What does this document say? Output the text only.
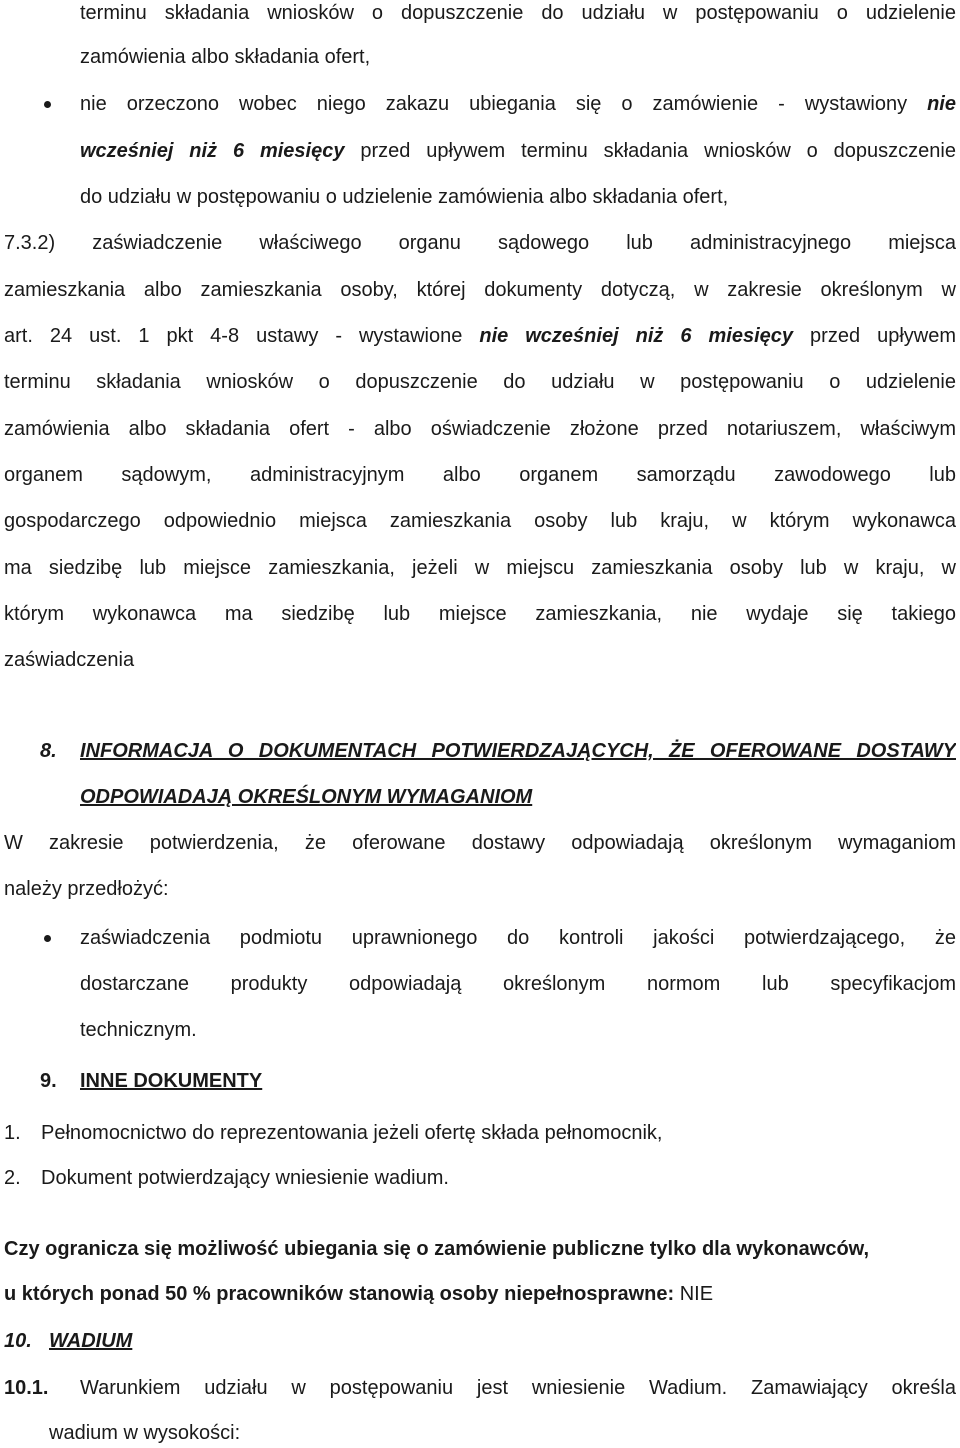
terminu składania wniosków o dopuszczenie do udziału w postępowaniu o udzielenie
zamówienia albo składania ofert,
nie orzeczono wobec niego zakazu ubiegania się o zamówienie - wystawiony nie
wcześniej niż 6 miesięcy przed upływem terminu składania wniosków o dopuszczenie
do udziału w postępowaniu o udzielenie zamówienia albo składania ofert,
7.3.2) zaświadczenie właściwego organu sądowego lub administracyjnego miejsca
zamieszkania albo zamieszkania osoby, której dokumenty dotyczą, w zakresie określonym w
art. 24 ust. 1 pkt 4-8 ustawy - wystawione nie wcześniej niż 6 miesięcy przed upływem
terminu składania wniosków o dopuszczenie do udziału w postępowaniu o udzielenie
zamówienia albo składania ofert - albo oświadczenie złożone przed notariuszem, właściwym
organem sądowym, administracyjnym albo organem samorządu zawodowego lub
gospodarczego odpowiednio miejsca zamieszkania osoby lub kraju, w którym wykonawca
ma siedzibę lub miejsce zamieszkania, jeżeli w miejscu zamieszkania osoby lub w kraju, w
którym wykonawca ma siedzibę lub miejsce zamieszkania, nie wydaje się takiego
zaświadczenia
8.	INFORMACJA O DOKUMENTACH POTWIERDZAJĄCYCH, ŻE OFEROWANE DOSTAWY
ODPOWIADAJĄ OKREŚLONYM WYMAGANIOM
W zakresie potwierdzenia, że oferowane dostawy odpowiadają określonym wymaganiom
należy przedłożyć:
zaświadczenia podmiotu uprawnionego do kontroli jakości potwierdzającego, że
dostarczane produkty odpowiadają określonym normom lub specyfikacjom
technicznym.
9.	INNE DOKUMENTY
1.	Pełnomocnictwo do reprezentowania jeżeli ofertę składa pełnomocnik,
2.	Dokument potwierdzający wniesienie wadium.
Czy ogranicza się możliwość ubiegania się o zamówienie publiczne tylko dla wykonawców,
u których ponad 50 % pracowników stanowią osoby niepełnosprawne: NIE
10. WADIUM
10.1.	Warunkiem udziału w postępowaniu jest wniesienie Wadium. Zamawiający określa
wadium w wysokości:
